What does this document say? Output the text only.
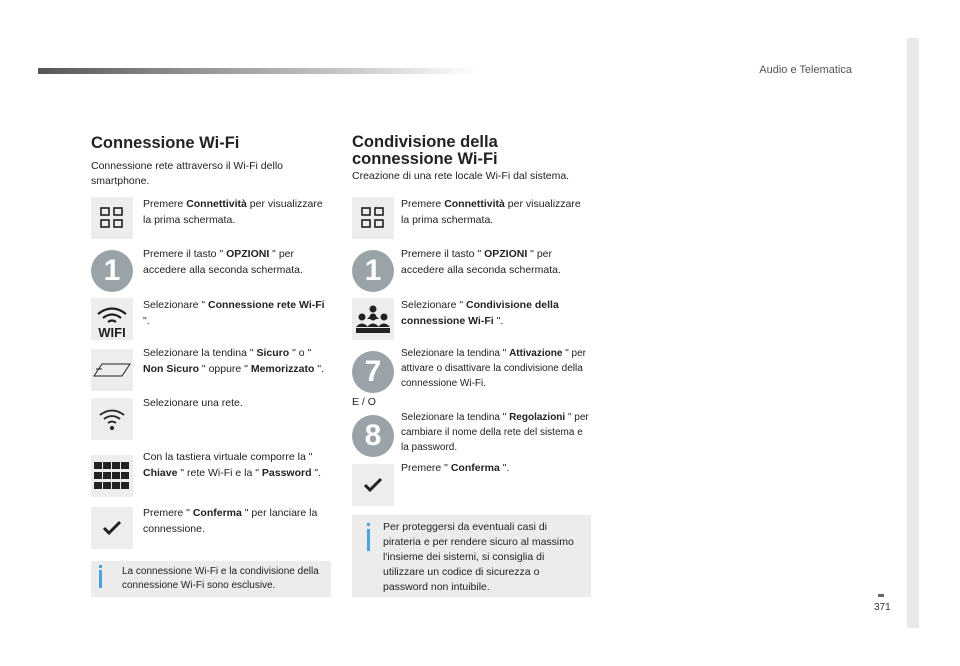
Audio e Telematica
371
Connessione Wi-Fi
Connessione rete attraverso il Wi-Fi dello smartphone.
1
WIFI
Premere Connettività per visualizzare la prima schermata.
Premere il tasto " OPZIONI " per accedere alla seconda schermata.
Selezionare " Connessione rete Wi-Fi ".
Selezionare la tendina " Sicuro " o " Non Sicuro " oppure " Memorizzato ".
Selezionare una rete.
Con la tastiera virtuale comporre la " Chiave " rete Wi-Fi e la " Password ".
Premere " Conferma " per lanciare la connessione.
La connessione Wi-Fi e la condivisione della connessione Wi-Fi sono esclusive.
Condivisione della
connessione Wi-Fi
Creazione di una rete locale Wi-Fi dal sistema.
1
7
8
Premere Connettività per visualizzare la prima schermata.
Premere il tasto " OPZIONI " per accedere alla seconda schermata.
Selezionare " Condivisione della connessione Wi-Fi ".
Selezionare la tendina " Attivazione " per attivare o disattivare la condivisione della connessione Wi-Fi.
E / O
Selezionare la tendina " Regolazioni " per cambiare il nome della rete del sistema e la password.
Premere " Conferma ".
Per proteggersi da eventuali casi di pirateria e per rendere sicuro al massimo l'insieme dei sistemi, si consiglia di utilizzare un codice di sicurezza o password non intuibile.
